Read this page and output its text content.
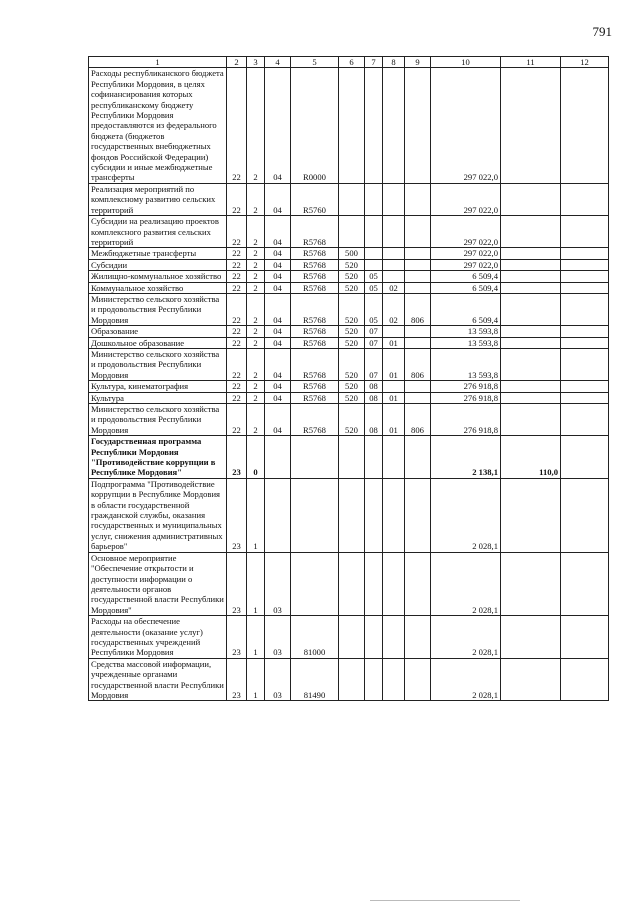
791
1	2	3	4	5	6	7	8	9	10	11	12
Расходы республиканского бюджета Республики Мордовия, в целях софинансирования которых республиканскому бюджету Республики Мордовия предоставляются из федерального бюджета (бюджетов государственных внебюджетных фондов Российской Федерации) субсидии и иные межбюджетные трансферты	22	2	04	R0000					297 022,0		
Реализация мероприятий по комплексному развитию сельских территорий	22	2	04	R5760					297 022,0		
Субсидии на реализацию проектов комплексного развития сельских территорий	22	2	04	R5768					297 022,0		
Межбюджетные трансферты	22	2	04	R5768	500				297 022,0		
Субсидии	22	2	04	R5768	520				297 022,0		
Жилищно-коммунальное хозяйство	22	2	04	R5768	520	05			6 509,4		
Коммунальное хозяйство	22	2	04	R5768	520	05	02		6 509,4		
Министерство сельского хозяйства и продовольствия Республики Мордовия	22	2	04	R5768	520	05	02	806	6 509,4		
Образование	22	2	04	R5768	520	07			13 593,8		
Дошкольное образование	22	2	04	R5768	520	07	01		13 593,8		
Министерство сельского хозяйства и продовольствия Республики Мордовия	22	2	04	R5768	520	07	01	806	13 593,8		
Культура, кинематография	22	2	04	R5768	520	08			276 918,8		
Культура	22	2	04	R5768	520	08	01		276 918,8		
Министерство сельского хозяйства и продовольствия Республики Мордовия	22	2	04	R5768	520	08	01	806	276 918,8		
Государственная программа Республики Мордовия "Противодействие коррупции в Республике Мордовия"	23	0							2 138,1	110,0	
Подпрограмма "Противодействие коррупции в Республике Мордовия в области государственной гражданской службы, оказания государственных и муниципальных услуг, снижения административных барьеров"	23	1							2 028,1		
Основное мероприятие "Обеспечение открытости и доступности информации о деятельности органов государственной власти Республики Мордовия"	23	1	03						2 028,1		
Расходы на обеспечение деятельности (оказание услуг) государственных учреждений Республики Мордовия	23	1	03	81000					2 028,1		
Средства массовой информации, учрежденные органами государственной власти Республики Мордовия	23	1	03	81490					2 028,1		
